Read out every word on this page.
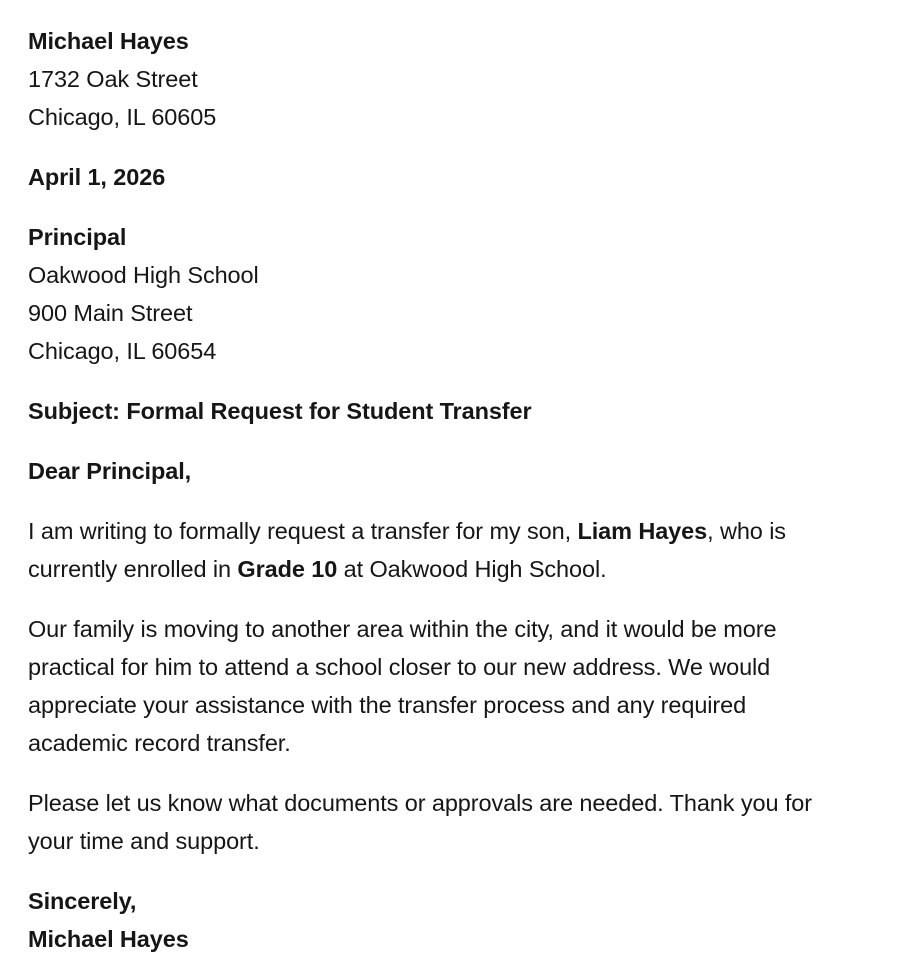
Michael Hayes
1732 Oak Street
Chicago, IL 60605
April 1, 2026
Principal
Oakwood High School
900 Main Street
Chicago, IL 60654
Subject: Formal Request for Student Transfer
Dear Principal,

I am writing to formally request a transfer for my son, Liam Hayes, who is currently enrolled in Grade 10 at Oakwood High School.

Our family is moving to another area within the city, and it would be more practical for him to attend a school closer to our new address. We would appreciate your assistance with the transfer process and any required academic record transfer.

Please let us know what documents or approvals are needed. Thank you for your time and support.

Sincerely,
Michael Hayes
